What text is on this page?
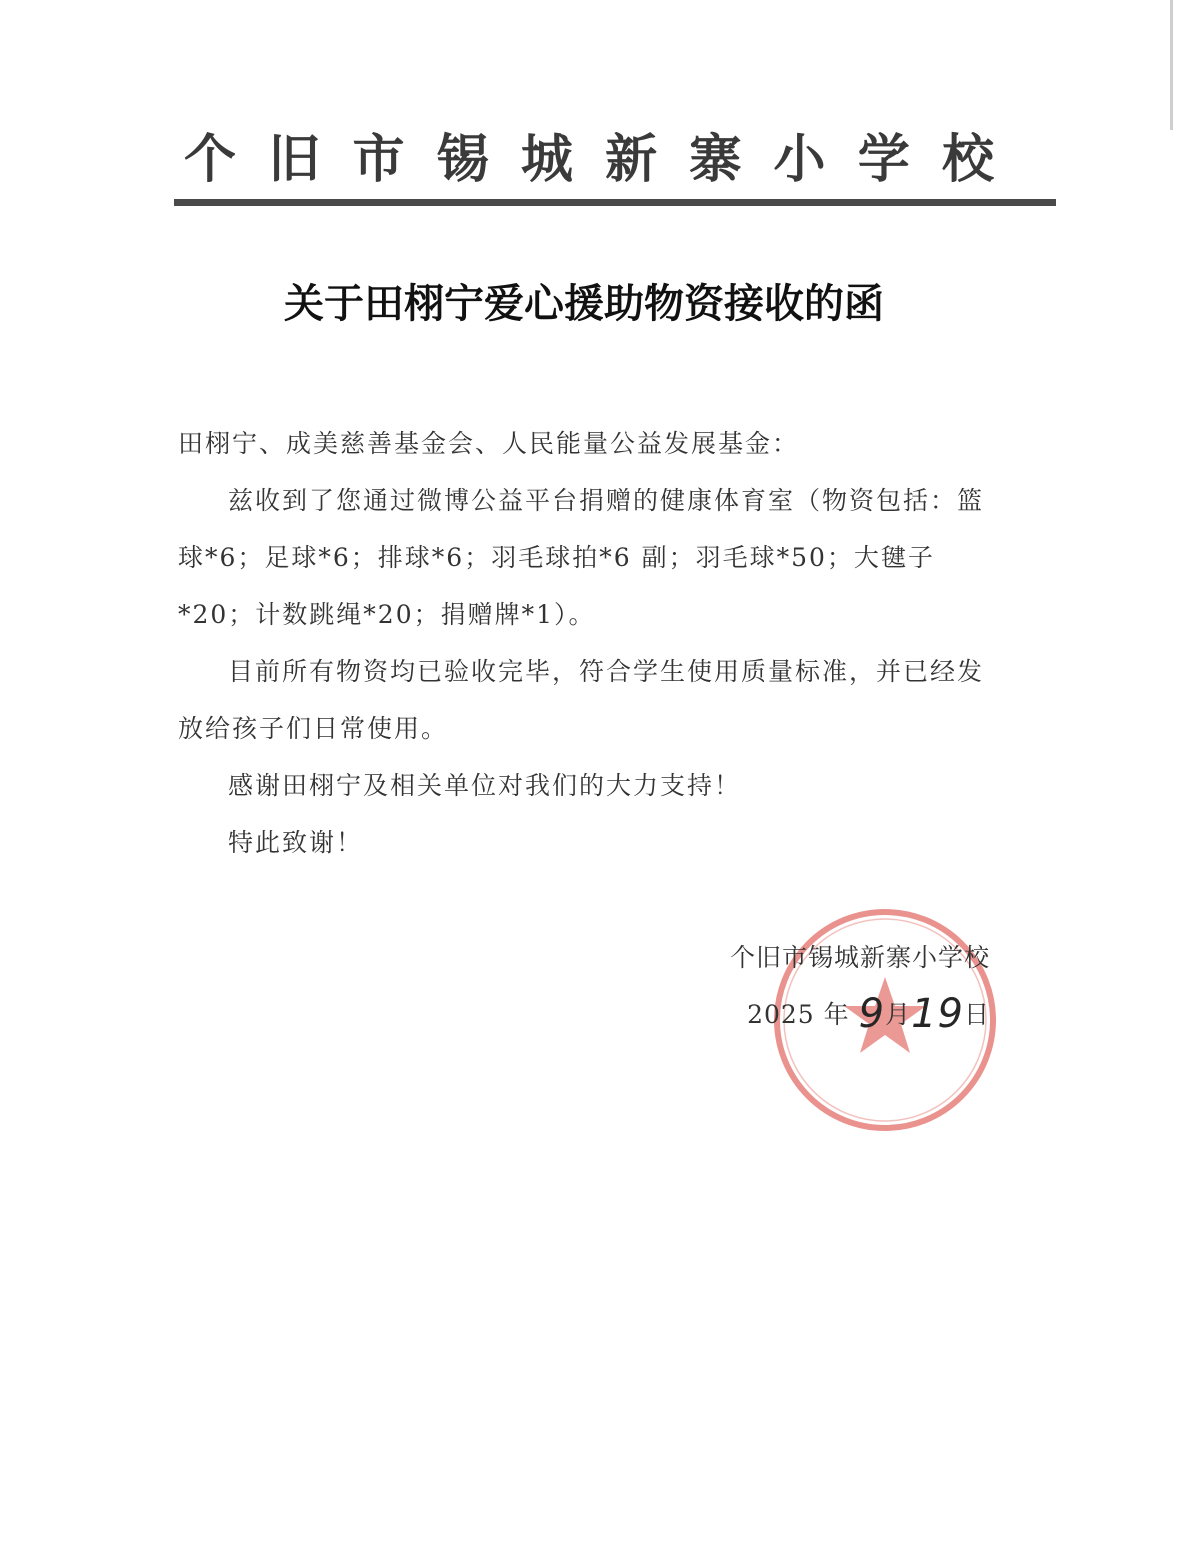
个 旧 市 锡 城 新 寨 小 学 校
关于田栩宁爱心援助物资接收的函

田栩宁、成美慈善基金会、人民能量公益发展基金：

兹收到了您通过微博公益平台捐赠的健康体育室（物资包括：篮球*6；足球*6；排球*6；羽毛球拍*6 副；羽毛球*50；大毽子*20；计数跳绳*20；捐赠牌*1）。

目前所有物资均已验收完毕，符合学生使用质量标准，并已经发放给孩子们日常使用。

感谢田栩宁及相关单位对我们的大力支持！

特此致谢！

个旧市锡城新寨小学校
2025 年 9月19日
